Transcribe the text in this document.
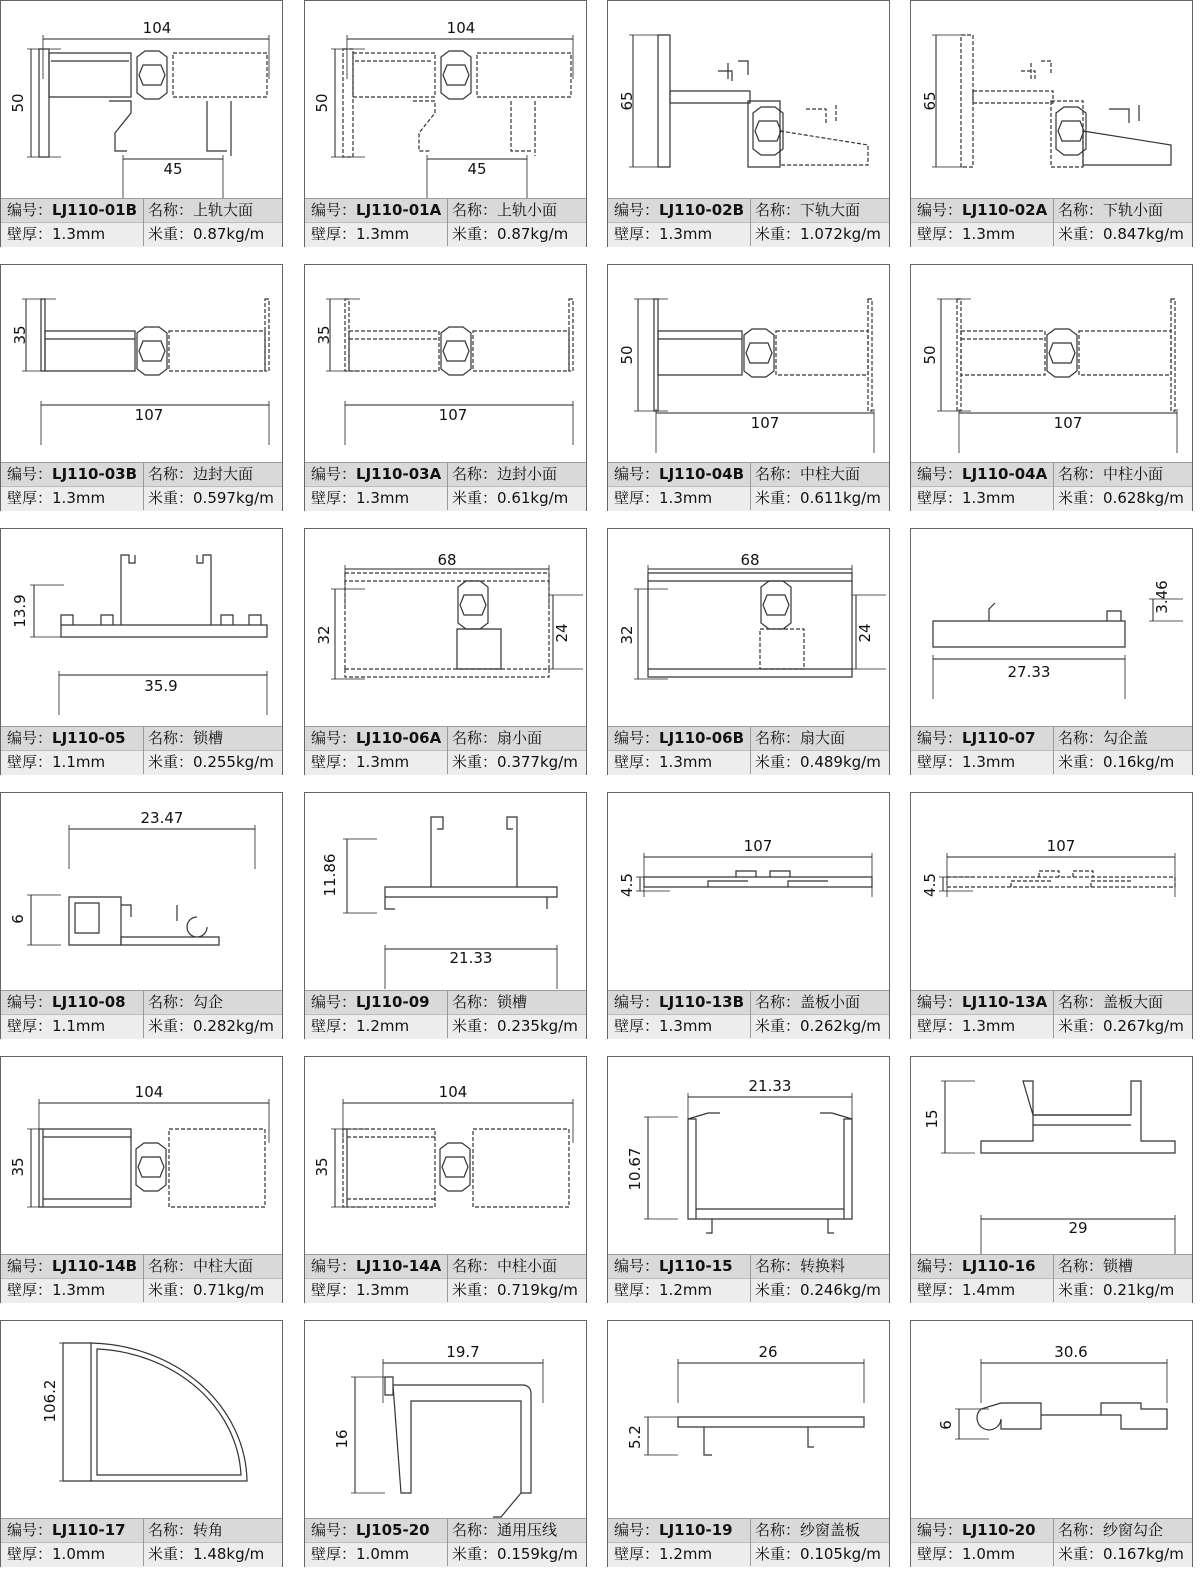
104
50
45
编号：LJ110-01B 名称：上轨大面
壁厚：1.3mm	米重：0.87kg/m
104
50
45
编号：LJ110-01A 名称：上轨小面
壁厚：1.3mm	米重：0.87kg/m
65
编号：LJ110-02B 名称：下轨大面
壁厚：1.3mm	米重：1.072kg/m
65
编号：LJ110-02A 名称：下轨小面
壁厚：1.3mm	米重：0.847kg/m
107
35
编号：LJ110-03B 名称：边封大面
壁厚：1.3mm	米重：0.597kg/m
107
35
编号：LJ110-03A 名称：边封小面
壁厚：1.3mm	米重：0.61kg/m
107
50
编号：LJ110-04B 名称：中柱大面
壁厚：1.3mm	米重：0.611kg/m
107
50
编号：LJ110-04A 名称：中柱小面
壁厚：1.3mm	米重：0.628kg/m
35.9
13.9
编号：LJ110-05	名称：锁槽
壁厚：1.1mm	米重：0.255kg/m
68
32	24
编号：LJ110-06A 名称：扇小面
壁厚：1.3mm	米重：0.377kg/m
68
32	24
编号：LJ110-06B 名称：扇大面
壁厚：1.3mm	米重：0.489kg/m
27.33
3.46
编号：LJ110-07	名称：勾企盖
壁厚：1.3mm	米重：0.16kg/m
23.47
6
编号：LJ110-08	名称：勾企
壁厚：1.1mm	米重：0.282kg/m
21.33
11.86
编号：LJ110-09	名称：锁槽
壁厚：1.2mm	米重：0.235kg/m
107
4.5
编号：LJ110-13B 名称：盖板小面
壁厚：1.3mm	米重：0.262kg/m
107
4.5
编号：LJ110-13A 名称：盖板大面
壁厚：1.3mm	米重：0.267kg/m
104
35
编号：LJ110-14B 名称：中柱大面
壁厚：1.3mm	米重：0.71kg/m
104
35
编号：LJ110-14A 名称：中柱小面
壁厚：1.3mm	米重：0.719kg/m
21.33
10.67
编号：LJ110-15	名称：转换料
壁厚：1.2mm	米重：0.246kg/m
29
15
编号：LJ110-16	名称：锁槽
壁厚：1.4mm	米重：0.21kg/m
106.2
编号：LJ110-17	名称：转角
壁厚：1.0mm	米重：1.48kg/m
19.7
16
编号：LJ105-20	名称：通用压线
壁厚：1.0mm	米重：0.159kg/m
26
5.2
编号：LJ110-19	名称：纱窗盖板
壁厚：1.2mm	米重：0.105kg/m
30.6
6
编号：LJ110-20	名称：纱窗勾企
壁厚：1.0mm	米重：0.167kg/m
